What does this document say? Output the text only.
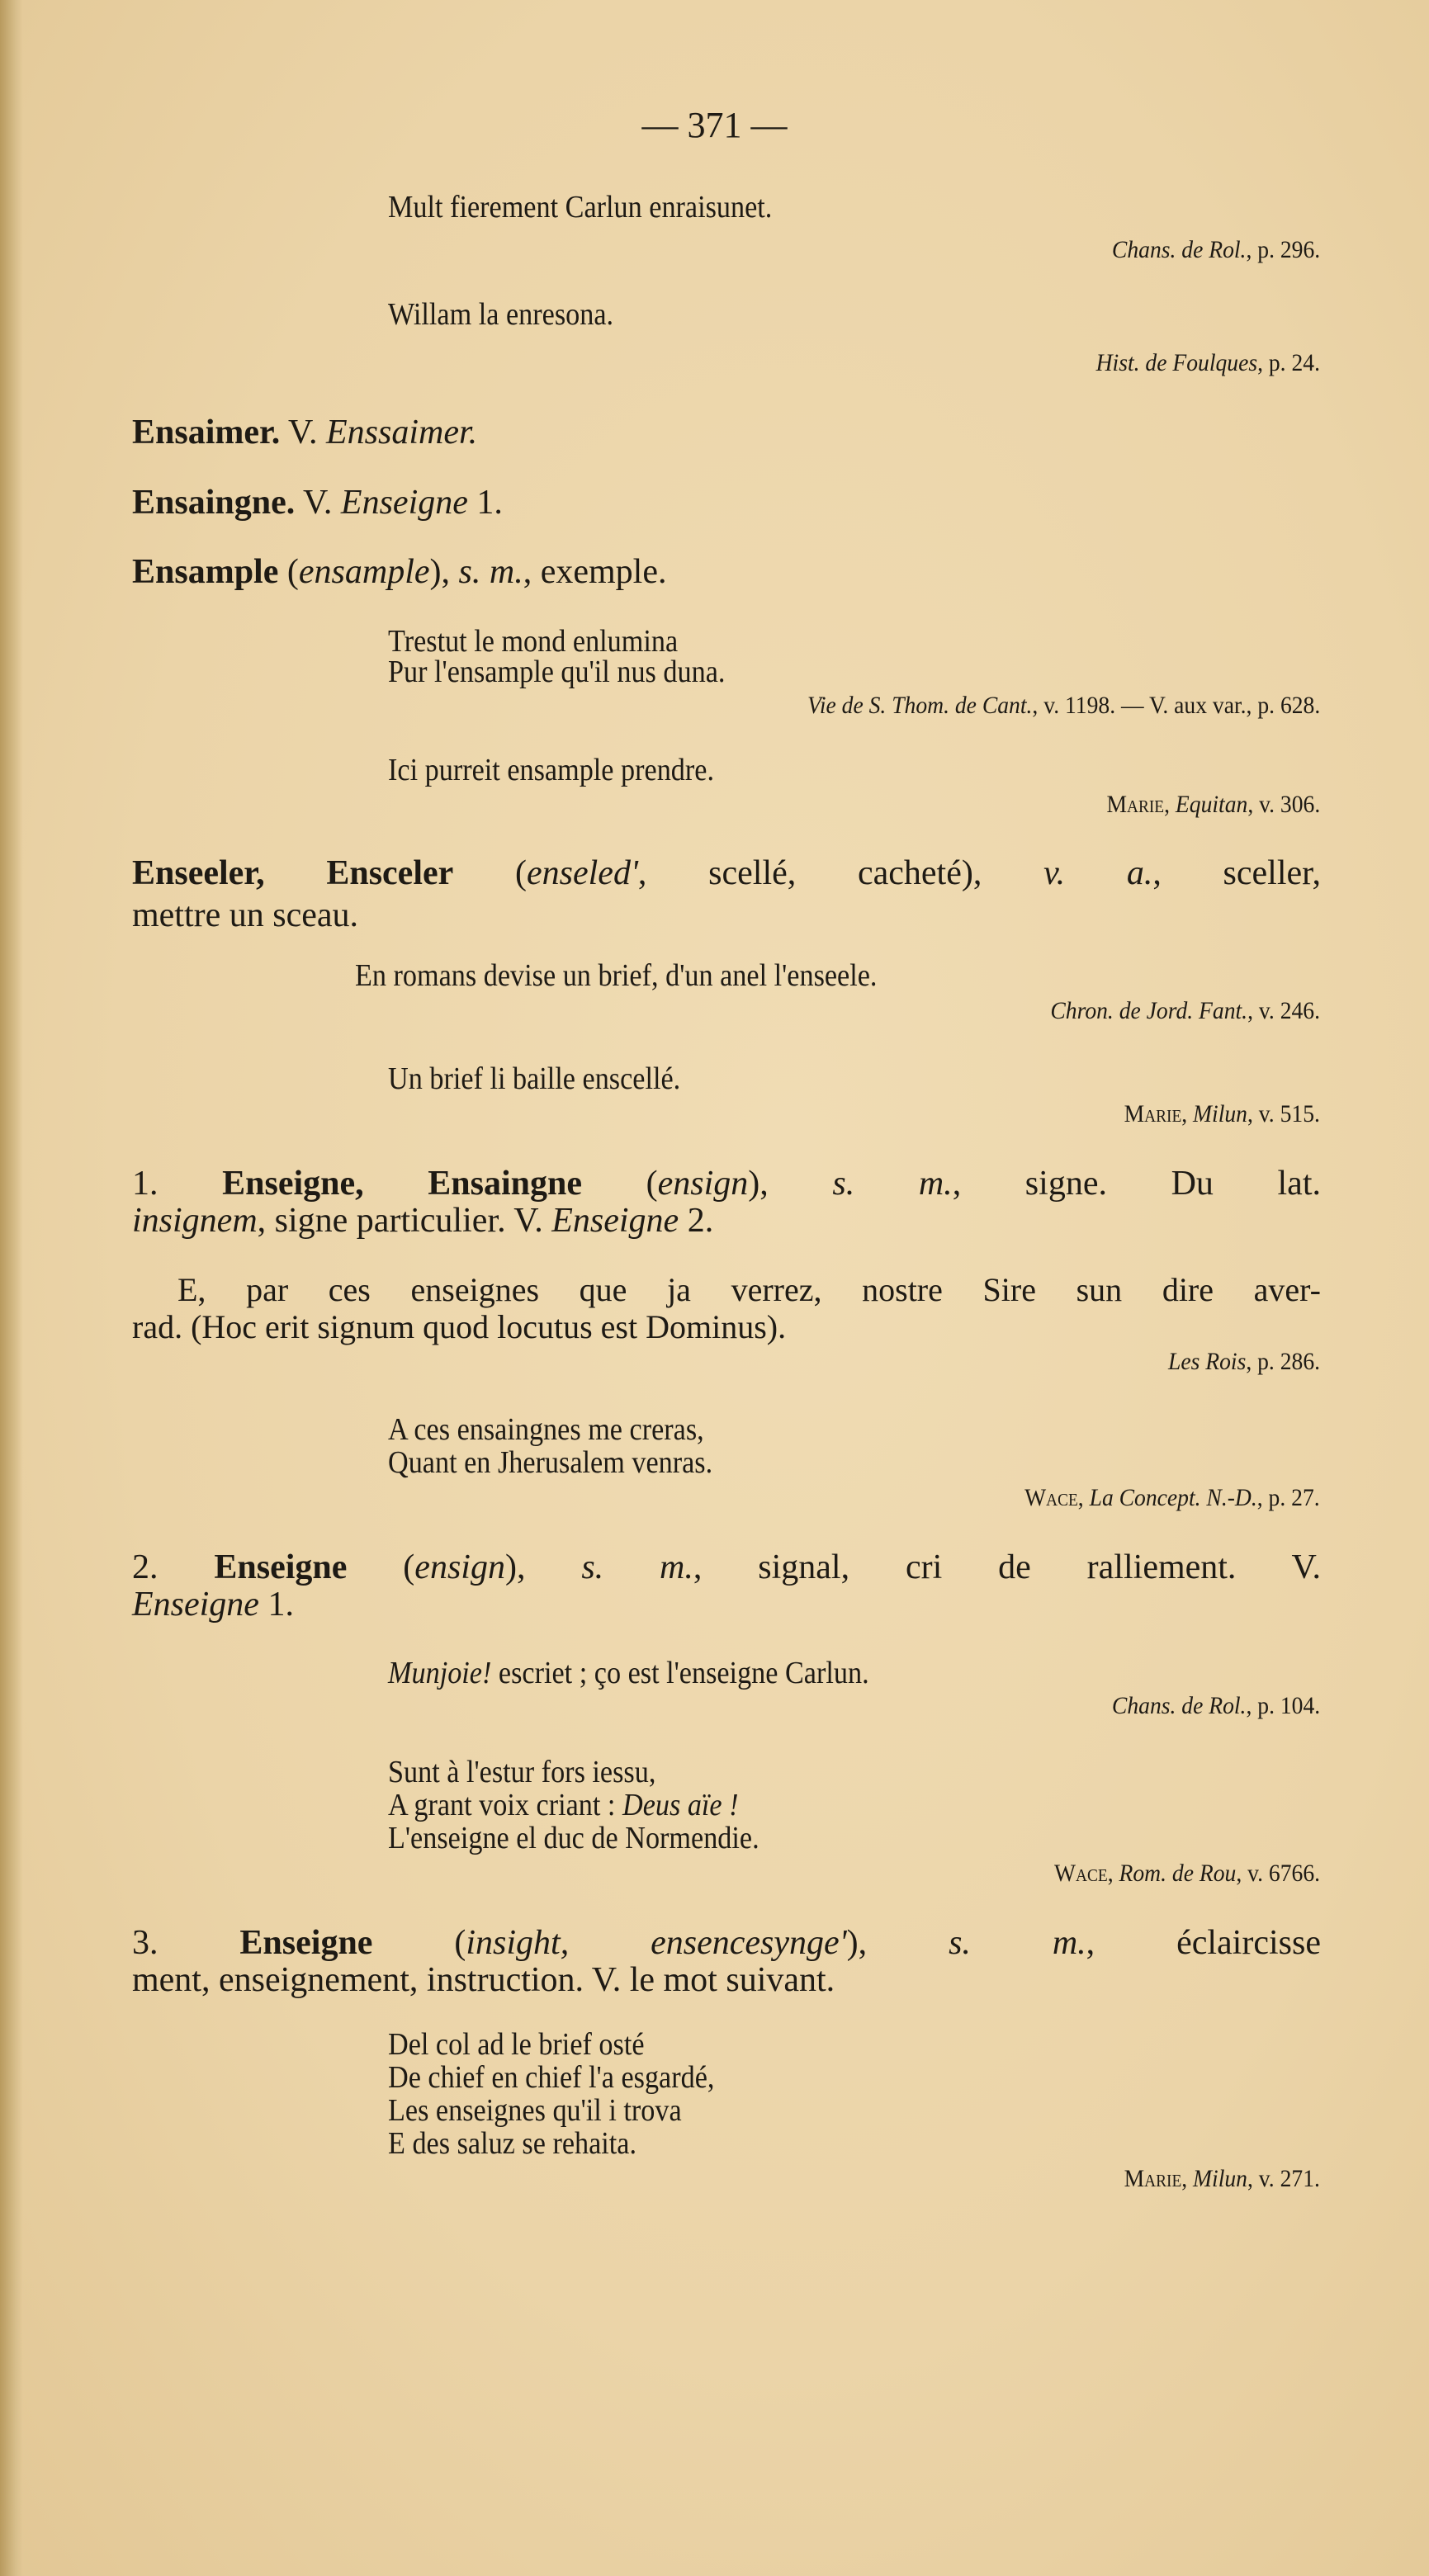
— 371 —
Mult fierement Carlun enraisunet.
Chans. de Rol., p. 296.
Willam la enresona.
Hist. de Foulques, p. 24.
Ensaimer. V. Enssaimer.
Ensaingne. V. Enseigne 1.
Ensample (ensample), s. m., exemple.
Trestut le mond enlumina
Pur l'ensample qu'il nus duna.
Vie de S. Thom. de Cant., v. 1198. — V. aux var., p. 628.
Ici purreit ensample prendre.
Marie, Equitan, v. 306.
Enseeler, Ensceler (enseled', scellé, cacheté), v. a., sceller,
mettre un sceau.
En romans devise un brief, d'un anel l'enseele.
Chron. de Jord. Fant., v. 246.
Un brief li baille enscellé.
Marie, Milun, v. 515.
1. Enseigne, Ensaingne (ensign), s. m., signe. Du lat.
insignem, signe particulier. V. Enseigne 2.
E, par ces enseignes que ja verrez, nostre Sire sun dire aver-
rad. (Hoc erit signum quod locutus est Dominus).
Les Rois, p. 286.
A ces ensaingnes me creras,
Quant en Jherusalem venras.
Wace, La Concept. N.-D., p. 27.
2. Enseigne (ensign), s. m., signal, cri de ralliement. V.
Enseigne 1.
Munjoie! escriet ; ço est l'enseigne Carlun.
Chans. de Rol., p. 104.
Sunt à l'estur fors iessu,
A grant voix criant : Deus aïe !
L'enseigne el duc de Normendie.
Wace, Rom. de Rou, v. 6766.
3. Enseigne (insight, ensencesynge'), s. m., éclaircisse
ment, enseignement, instruction. V. le mot suivant.
Del col ad le brief osté
De chief en chief l'a esgardé,
Les enseignes qu'il i trova
E des saluz se rehaita.
Marie, Milun, v. 271.
